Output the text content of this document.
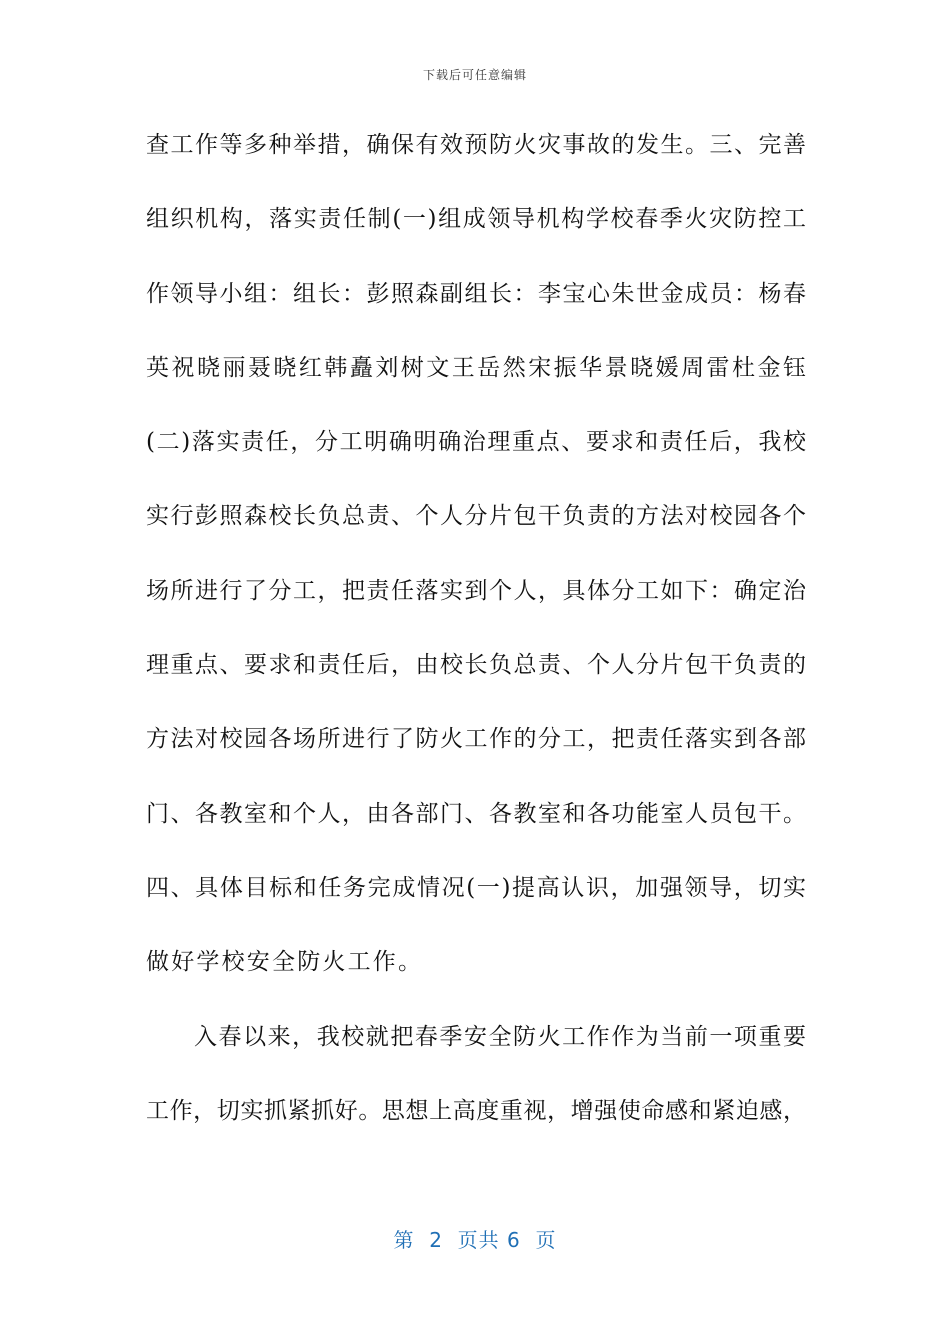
下载后可任意编辑
查工作等多种举措，确保有效预防火灾事故的发生。三、完善
组织机构，落实责任制(一)组成领导机构学校春季火灾防控工
作领导小组：组长：彭照森副组长：李宝心朱世金成员：杨春
英祝晓丽聂晓红韩矗刘树文王岳然宋振华景晓媛周雷杜金钰
(二)落实责任，分工明确明确治理重点、要求和责任后，我校
实行彭照森校长负总责、个人分片包干负责的方法对校园各个
场所进行了分工，把责任落实到个人，具体分工如下：确定治
理重点、要求和责任后，由校长负总责、个人分片包干负责的
方法对校园各场所进行了防火工作的分工，把责任落实到各部
门、各教室和个人，由各部门、各教室和各功能室人员包干。
四、具体目标和任务完成情况(一)提高认识，加强领导，切实
做好学校安全防火工作。
入春以来，我校就把春季安全防火工作作为当前一项重要
工作，切实抓紧抓好。思想上高度重视，增强使命感和紧迫感，
第  2  页共 6  页
